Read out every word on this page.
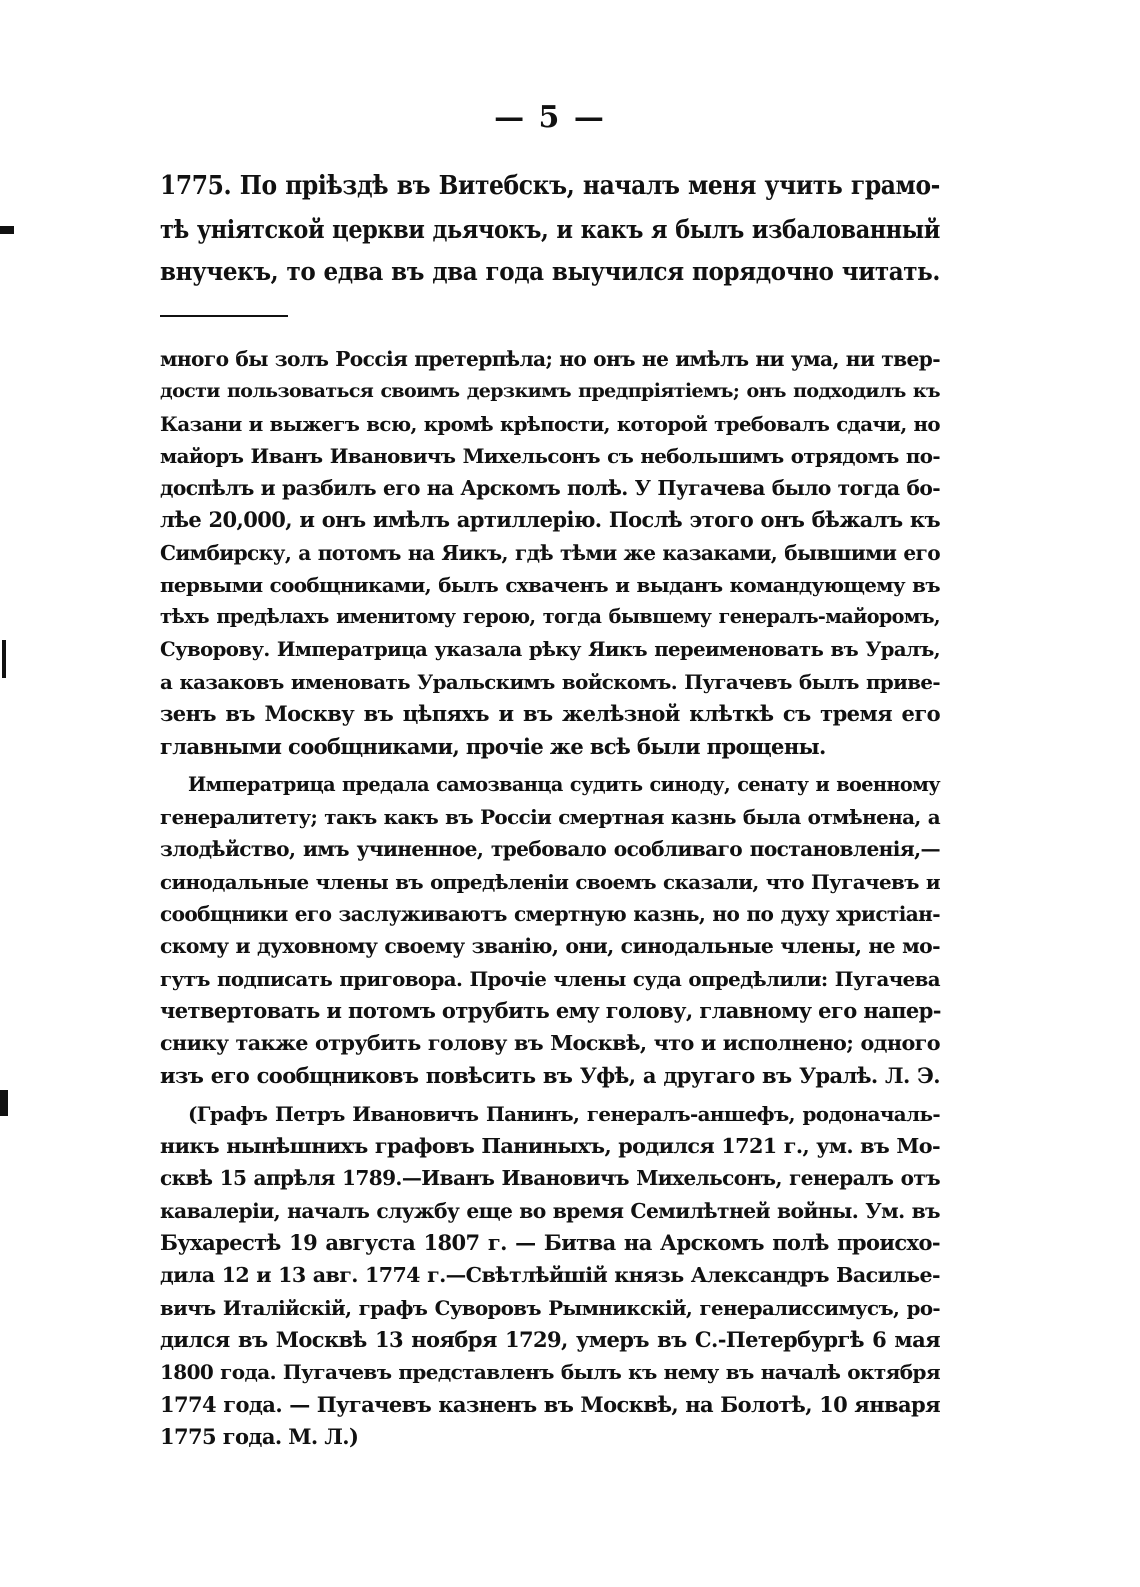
— 5 —
1775. По прiѣздѣ въ Витебскъ, началъ меня учить грамо-
тѣ унiятской церкви дьячокъ, и какъ я былъ избалованный
внучекъ, то едва въ два года выучился порядочно читать.
много бы золъ Россiя претерпѣла; но онъ не имѣлъ ни ума, ни твер-
дости пользоваться своимъ дерзкимъ предпрiятiемъ; онъ подходилъ къ
Казани и выжегъ всю, кромѣ крѣпости, которой требовалъ сдачи, но
майоръ Иванъ Ивановичъ Михельсонъ съ небольшимъ отрядомъ по-
доспѣлъ и разбилъ его на Арскомъ полѣ. У Пугачева было тогда бо-
лѣе 20,000, и онъ имѣлъ артиллерiю. Послѣ этого онъ бѣжалъ къ
Симбирску, а потомъ на Яикъ, гдѣ тѣми же казаками, бывшими его
первыми сообщниками, былъ схваченъ и выданъ командующему въ
тѣхъ предѣлахъ именитому герою, тогда бывшему генералъ-майоромъ,
Суворову. Императрица указала рѣку Яикъ переименовать въ Уралъ,
а казаковъ именовать Уральскимъ войскомъ. Пугачевъ былъ приве-
зенъ въ Москву въ цѣпяхъ и въ желѣзной клѣткѣ съ тремя его
главными сообщниками, прочiе же всѣ были прощены.
Императрица предала самозванца судить синоду, сенату и военному
генералитету; такъ какъ въ Россiи смертная казнь была отмѣнена, а
злодѣйство, имъ учиненное, требовало особливаго постановленiя,—
синодальные члены въ опредѣленiи своемъ сказали, что Пугачевъ и
сообщники его заслуживаютъ смертную казнь, но по духу христiан-
скому и духовному своему званiю, они, синодальные члены, не мо-
гутъ подписать приговора. Прочiе члены суда опредѣлили: Пугачева
четвертовать и потомъ отрубить ему голову, главному его напер-
снику также отрубить голову въ Москвѣ, что и исполнено; одного
изъ его сообщниковъ повѣсить въ Уфѣ, а другаго въ Уралѣ. Л. Э.
(Графъ Петръ Ивановичъ Панинъ, генералъ-аншефъ, родоначаль-
никъ нынѣшнихъ графовъ Паниныхъ, родился 1721 г., ум. въ Мо-
сквѣ 15 апрѣля 1789.—Иванъ Ивановичъ Михельсонъ, генералъ отъ
кавалерiи, началъ службу еще во время Семилѣтней войны. Ум. въ
Бухарестѣ 19 августа 1807 г. — Битва на Арскомъ полѣ происхо-
дила 12 и 13 авг. 1774 г.—Свѣтлѣйшiй князь Александръ Василье-
вичъ Италiйскiй, графъ Суворовъ Рымникскiй, генералиссимусъ, ро-
дился въ Москвѣ 13 ноября 1729, умеръ въ С.-Петербургѣ 6 мая
1800 года. Пугачевъ представленъ былъ къ нему въ началѣ октября
1774 года. — Пугачевъ казненъ въ Москвѣ, на Болотѣ, 10 января
1775 года. М. Л.)
